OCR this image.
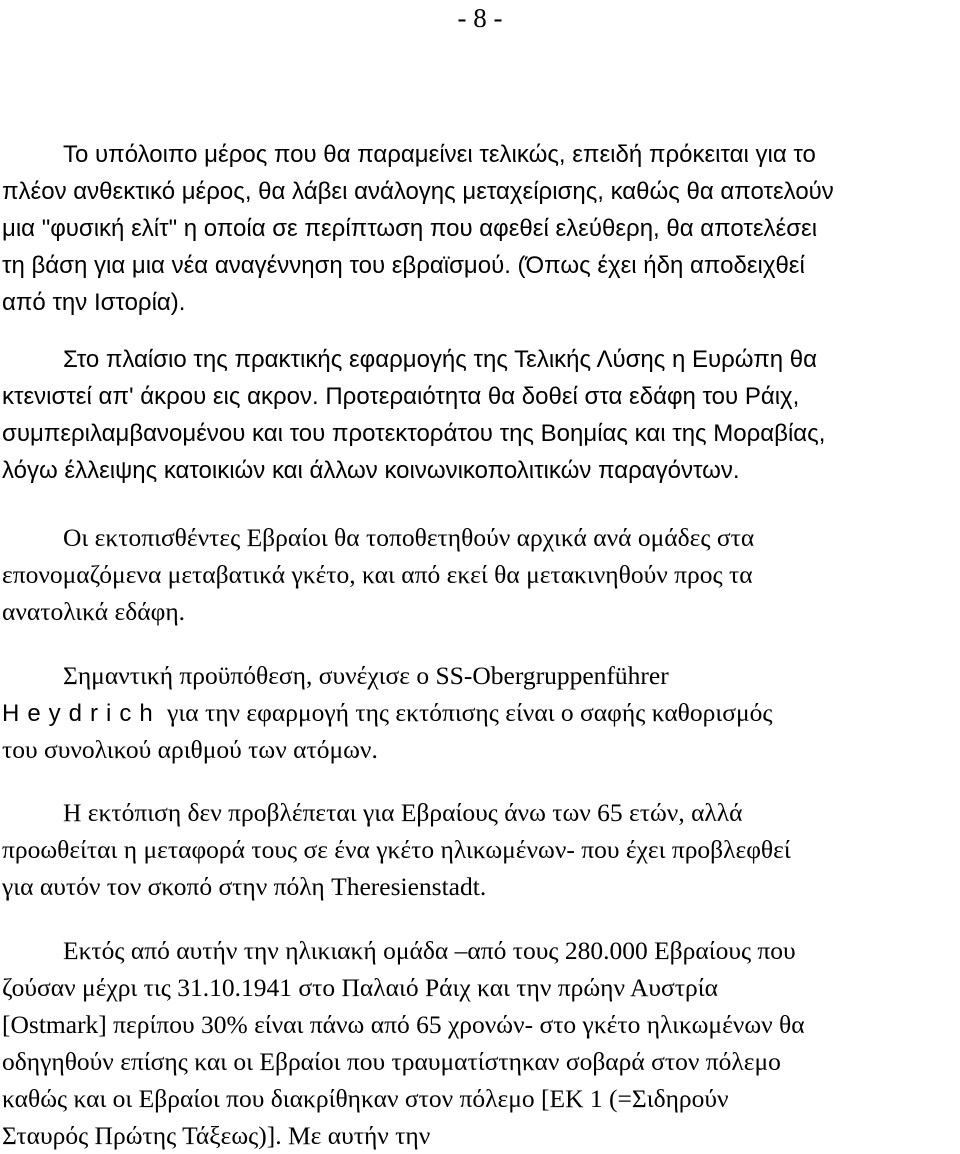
- 8 -
Το υπόλοιπο μέρος που θα παραμείνει τελικώς, επειδή πρόκειται για το
πλέον ανθεκτικό μέρος, θα λάβει ανάλογης μεταχείρισης, καθώς θα αποτελούν
μια "φυσική ελίτ" η οποία σε περίπτωση που αφεθεί ελεύθερη, θα αποτελέσει
τη βάση για μια νέα αναγέννηση του εβραϊσμού. (Όπως έχει ήδη αποδειχθεί
από την Ιστορία).
Στο πλαίσιο της πρακτικής εφαρμογής της Τελικής Λύσης η Ευρώπη θα
κτενιστεί απ' άκρου εις ακρον. Προτεραιότητα θα δοθεί στα εδάφη του Ράιχ,
συμπεριλαμβανομένου και του προτεκτοράτου της Βοημίας και της Μοραβίας,
λόγω έλλειψης κατοικιών και άλλων κοινωνικοπολιτικών παραγόντων.
Οι εκτοπισθέντες Εβραίοι θα τοποθετηθούν αρχικά ανά ομάδες στα
επονομαζόμενα μεταβατικά γκέτο, και από εκεί θα μετακινηθούν προς τα
ανατολικά εδάφη.
Σημαντική προϋπόθεση, συνέχισε ο SS-Obergruppenführer
Heydrich για την εφαρμογή της εκτόπισης είναι ο σαφής καθορισμός
του συνολικού αριθμού των ατόμων.
Η εκτόπιση δεν προβλέπεται για Εβραίους άνω των 65 ετών, αλλά
προωθείται η μεταφορά τους σε ένα γκέτο ηλικωμένων- που έχει προβλεφθεί
για αυτόν τον σκοπό στην πόλη Theresienstadt.
Εκτός από αυτήν την ηλικιακή ομάδα –από τους 280.000 Εβραίους που
ζούσαν μέχρι τις 31.10.1941 στο Παλαιό Ράιχ και την πρώην Αυστρία
[Ostmark] περίπου 30% είναι πάνω από 65 χρονών- στο γκέτο ηλικωμένων θα
οδηγηθούν επίσης και οι Εβραίοι που τραυματίστηκαν σοβαρά στον πόλεμο
καθώς και οι Εβραίοι που διακρίθηκαν στον πόλεμο [ΕΚ 1 (=Σιδηρούν
Σταυρός Πρώτης Τάξεως)]. Με αυτήν την
